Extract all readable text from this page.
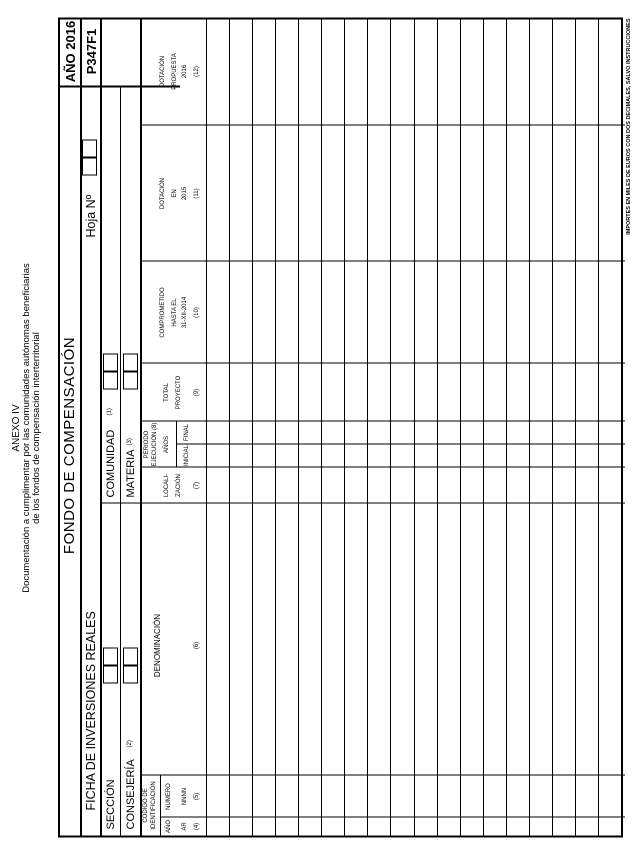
ANEXO IV Documentación a cumplimentar por las comunidades autónomas beneficiarias de los fondos de compensación interterritorial FONDO DE COMPENSACIÓN
AÑO 2016
FICHA DE INVERSIONES REALES
Hoja Nº
P347F1
SECCIÓN
COMUNIDAD
(1)
CONSEJERÍA
(2)
MATERIA
(3)
CODIGO DE IDENTIFICACIÓN AÑO AR (4)
NUMERO NNNN (5)
DENOMINACIÓN	(6)
LOCALI- ZACIÓN (7)
PERIODO EJECUCIÓN (8) AÑOS
INICIAL
FINAL
TOTAL PROYECTO (9)
COMPROMETIDO HASTA EL 31-XII-2014 (10)
DOTACIÓN EN 2015 (11)
DOTACIÓN PROPUESTA 2016 (12)	IMPORTES EN MILES DE EUROS CON DOS DECIMALES, SALVO INSTRUCCIONES
